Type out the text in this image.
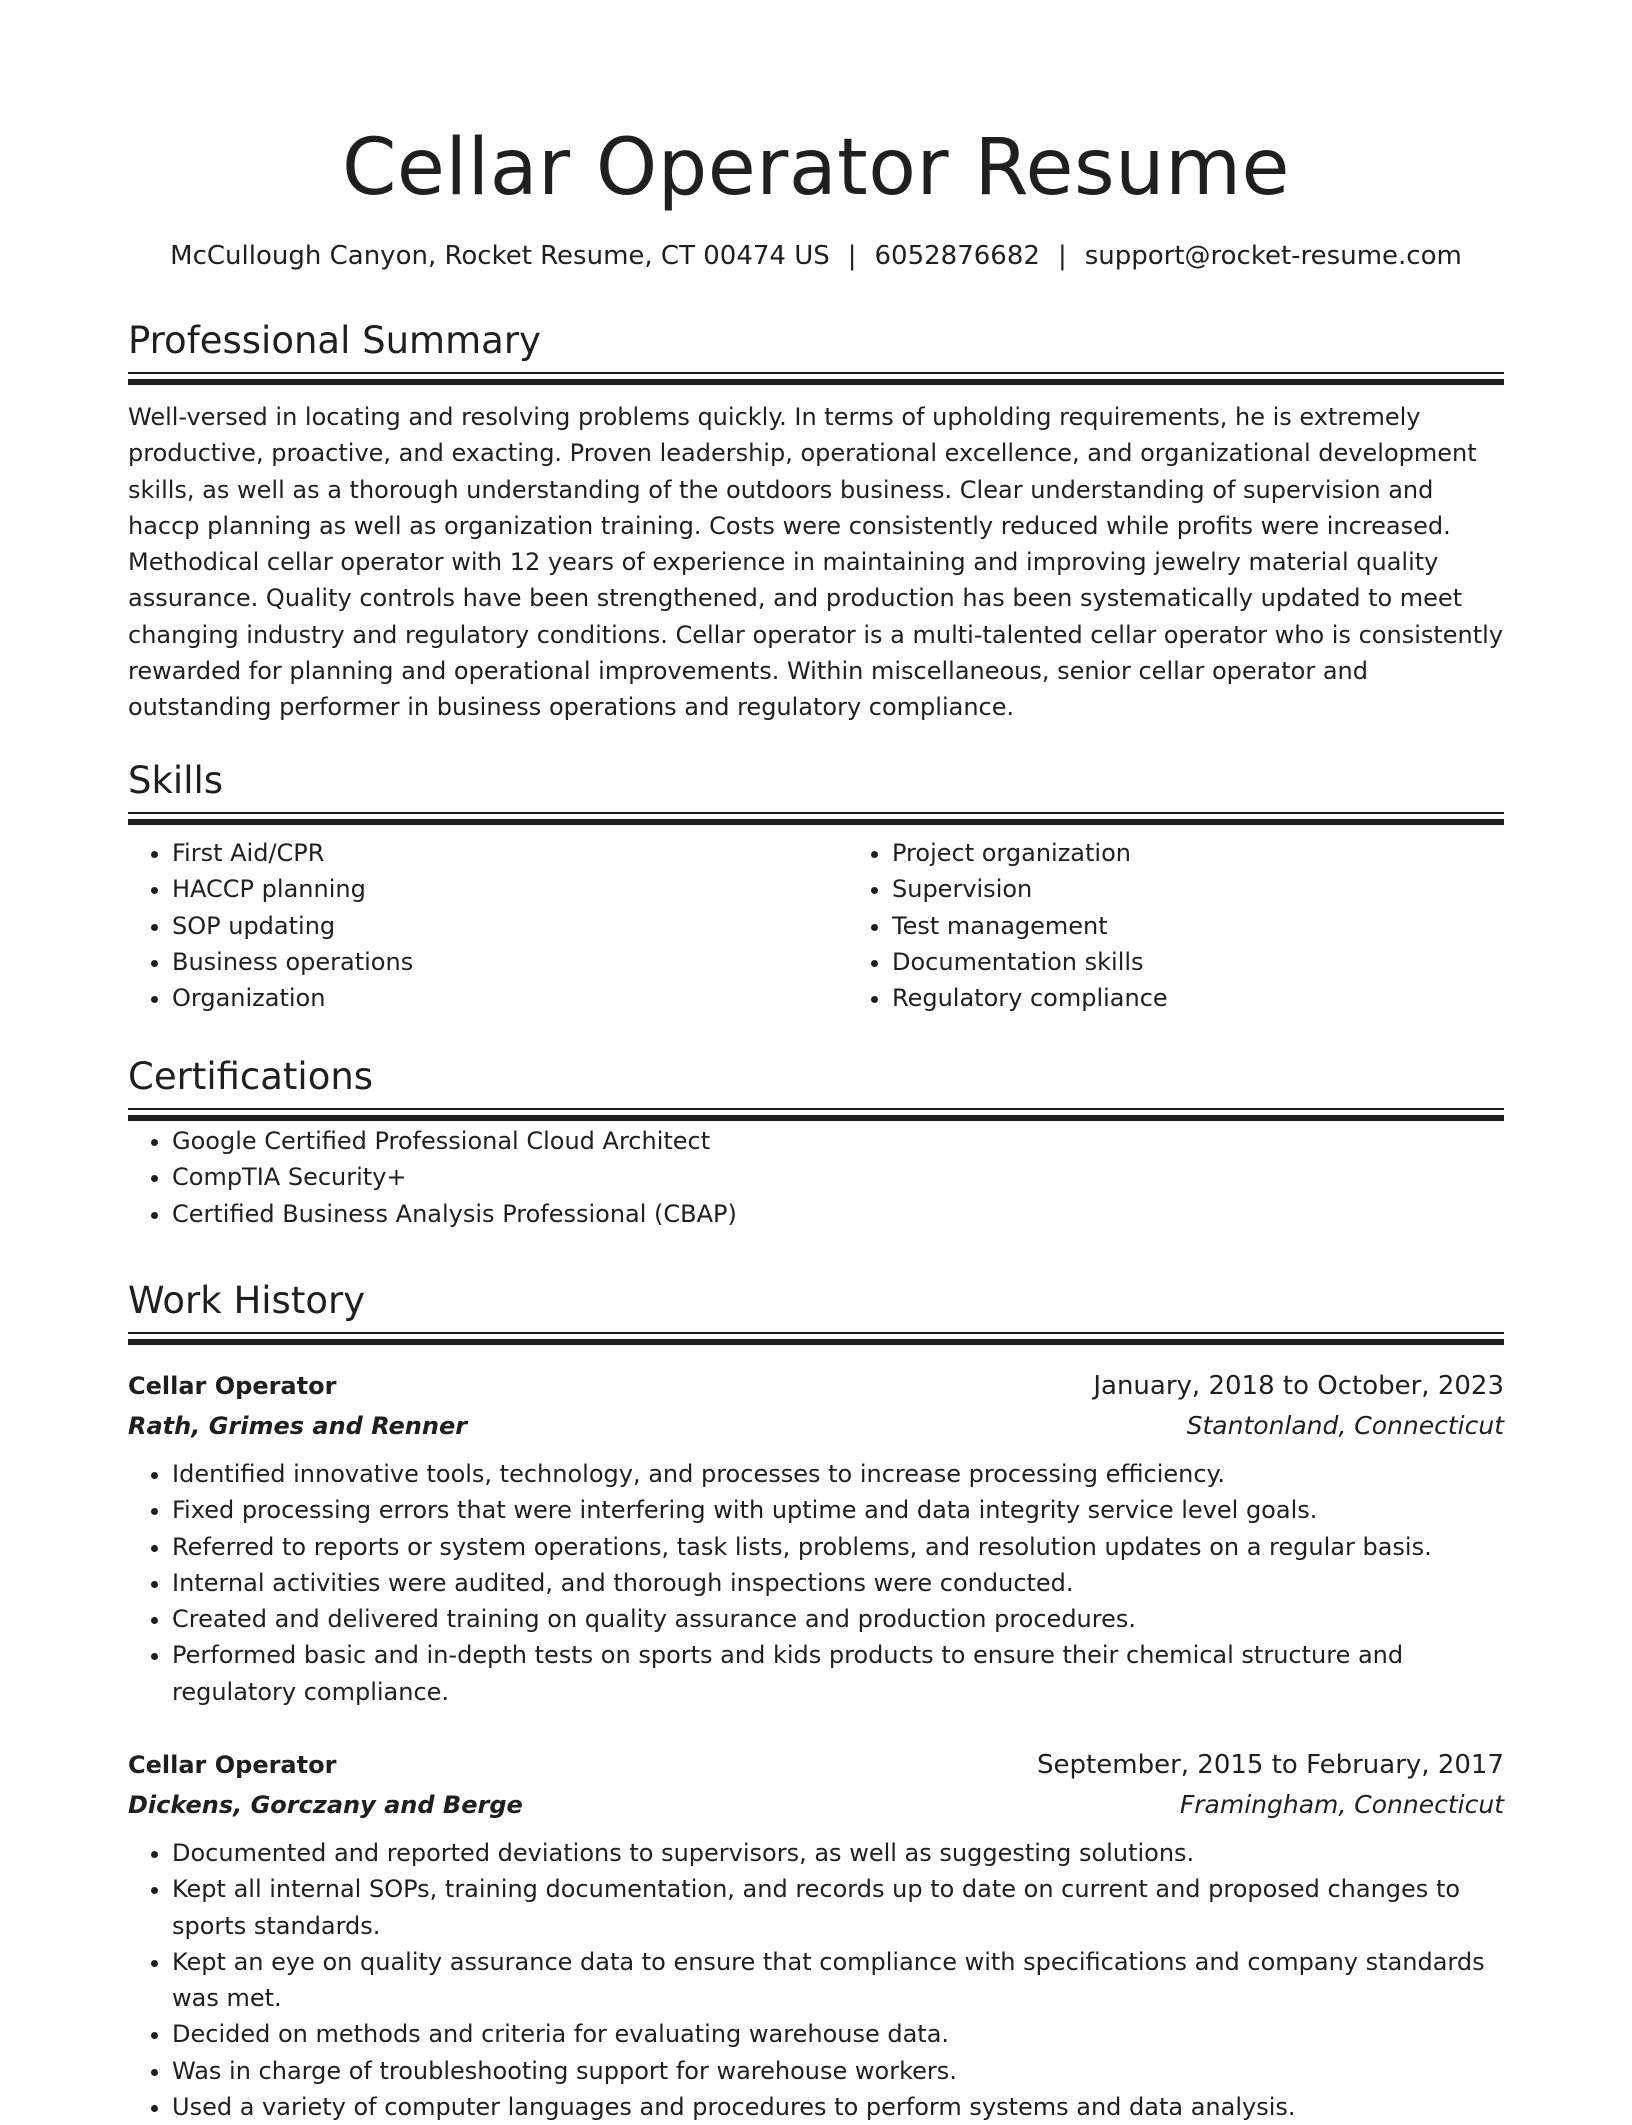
Cellar Operator Resume
McCullough Canyon, Rocket Resume, CT 00474 US | 6052876682 | support@rocket-resume.com
Professional Summary

Well-versed in locating and resolving problems quickly. In terms of upholding requirements, he is extremely productive, proactive, and exacting. Proven leadership, operational excellence, and organizational development skills, as well as a thorough understanding of the outdoors business. Clear understanding of supervision and haccp planning as well as organization training. Costs were consistently reduced while profits were increased. Methodical cellar operator with 12 years of experience in maintaining and improving jewelry material quality assurance. Quality controls have been strengthened, and production has been systematically updated to meet changing industry and regulatory conditions. Cellar operator is a multi-talented cellar operator who is consistently rewarded for planning and operational improvements. Within miscellaneous, senior cellar operator and outstanding performer in business operations and regulatory compliance.

Skills
• First Aid/CPR
• HACCP planning
• SOP updating
• Business operations
• Organization
• Project organization
• Supervision
• Test management
• Documentation skills
• Regulatory compliance
Certifications
• Google Certified Professional Cloud Architect
• CompTIA Security+
• Certified Business Analysis Professional (CBAP)
Work History
Cellar Operator	January, 2018 to October, 2023
Rath, Grimes and Renner	Stantonland, Connecticut
• Identified innovative tools, technology, and processes to increase processing efficiency.
• Fixed processing errors that were interfering with uptime and data integrity service level goals.
• Referred to reports or system operations, task lists, problems, and resolution updates on a regular basis.
• Internal activities were audited, and thorough inspections were conducted.
• Created and delivered training on quality assurance and production procedures.
• Performed basic and in-depth tests on sports and kids products to ensure their chemical structure and regulatory compliance.
Cellar Operator	September, 2015 to February, 2017
Dickens, Gorczany and Berge	Framingham, Connecticut
• Documented and reported deviations to supervisors, as well as suggesting solutions.
• Kept all internal SOPs, training documentation, and records up to date on current and proposed changes to sports standards.
• Kept an eye on quality assurance data to ensure that compliance with specifications and company standards was met.
• Decided on methods and criteria for evaluating warehouse data.
• Was in charge of troubleshooting support for warehouse workers.
• Used a variety of computer languages and procedures to perform systems and data analysis.
